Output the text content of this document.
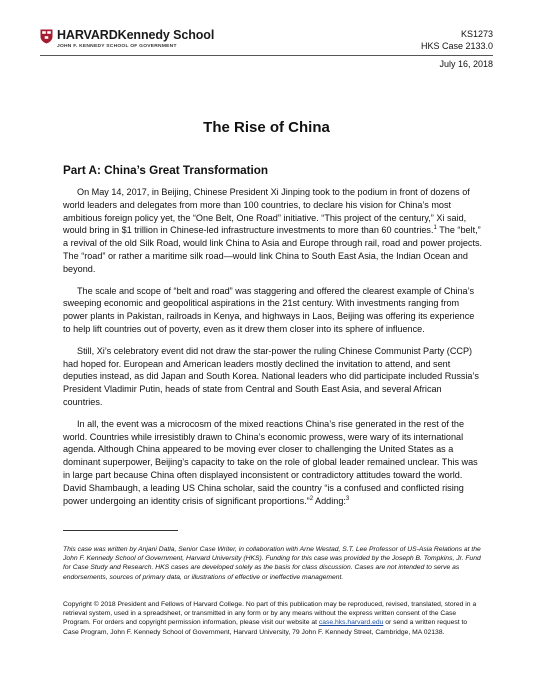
HARVARDKennedy School
JOHN F. KENNEDY SCHOOL OF GOVERNMENT
KS1273
HKS Case 2133.0
July 16, 2018
The Rise of China
Part A: China’s Great Transformation

On May 14, 2017, in Beijing, Chinese President Xi Jinping took to the podium in front of dozens of world leaders and delegates from more than 100 countries, to declare his vision for China’s most ambitious foreign policy yet, the “One Belt, One Road” initiative. “This project of the century,” Xi said, would bring in $1 trillion in Chinese-led infrastructure investments to more than 60 countries.$^1$ The “belt,” a revival of the old Silk Road, would link China to Asia and Europe through rail, road and power projects. The “road” or rather a maritime silk road—would link China to South East Asia, the Indian Ocean and beyond.

The scale and scope of “belt and road” was staggering and offered the clearest example of China’s sweeping economic and geopolitical aspirations in the 21st century. With investments ranging from power plants in Pakistan, railroads in Kenya, and highways in Laos, Beijing was offering its experience to help lift countries out of poverty, even as it drew them closer into its sphere of influence.

Still, Xi’s celebratory event did not draw the star-power the ruling Chinese Communist Party (CCP) had hoped for. European and American leaders mostly declined the invitation to attend, and sent deputies instead, as did Japan and South Korea. National leaders who did participate included Russia’s President Vladimir Putin, heads of state from Central and South East Asia, and several African countries.

In all, the event was a microcosm of the mixed reactions China’s rise generated in the rest of the world. Countries while irresistibly drawn to China’s economic prowess, were wary of its international agenda. Although China appeared to be moving ever closer to challenging the United States as a dominant superpower, Beijing’s capacity to take on the role of global leader remained unclear. This was in large part because China often displayed inconsistent or contradictory attitudes toward the world. David Shambaugh, a leading US China scholar, said the country “is a confused and conflicted rising power undergoing an identity crisis of significant proportions.”$^2$ Adding:$^3$

This case was written by Anjani Datla, Senior Case Writer, in collaboration with Arne Westad, S.T. Lee Professor of US-Asia Relations at the John F. Kennedy School of Government, Harvard University (HKS). Funding for this case was provided by the Joseph B. Tompkins, Jr. Fund for Case Study and Research. HKS cases are developed solely as the basis for class discussion. Cases are not intended to serve as endorsements, sources of primary data, or illustrations of effective or ineffective management.
Copyright © 2018 President and Fellows of Harvard College. No part of this publication may be reproduced, revised, translated, stored in a retrieval system, used in a spreadsheet, or transmitted in any form or by any means without the express written consent of the Case Program. For orders and copyright permission information, please visit our website at case.hks.harvard.edu or send a written request to Case Program, John F. Kennedy School of Government, Harvard University, 79 John F. Kennedy Street, Cambridge, MA 02138.
